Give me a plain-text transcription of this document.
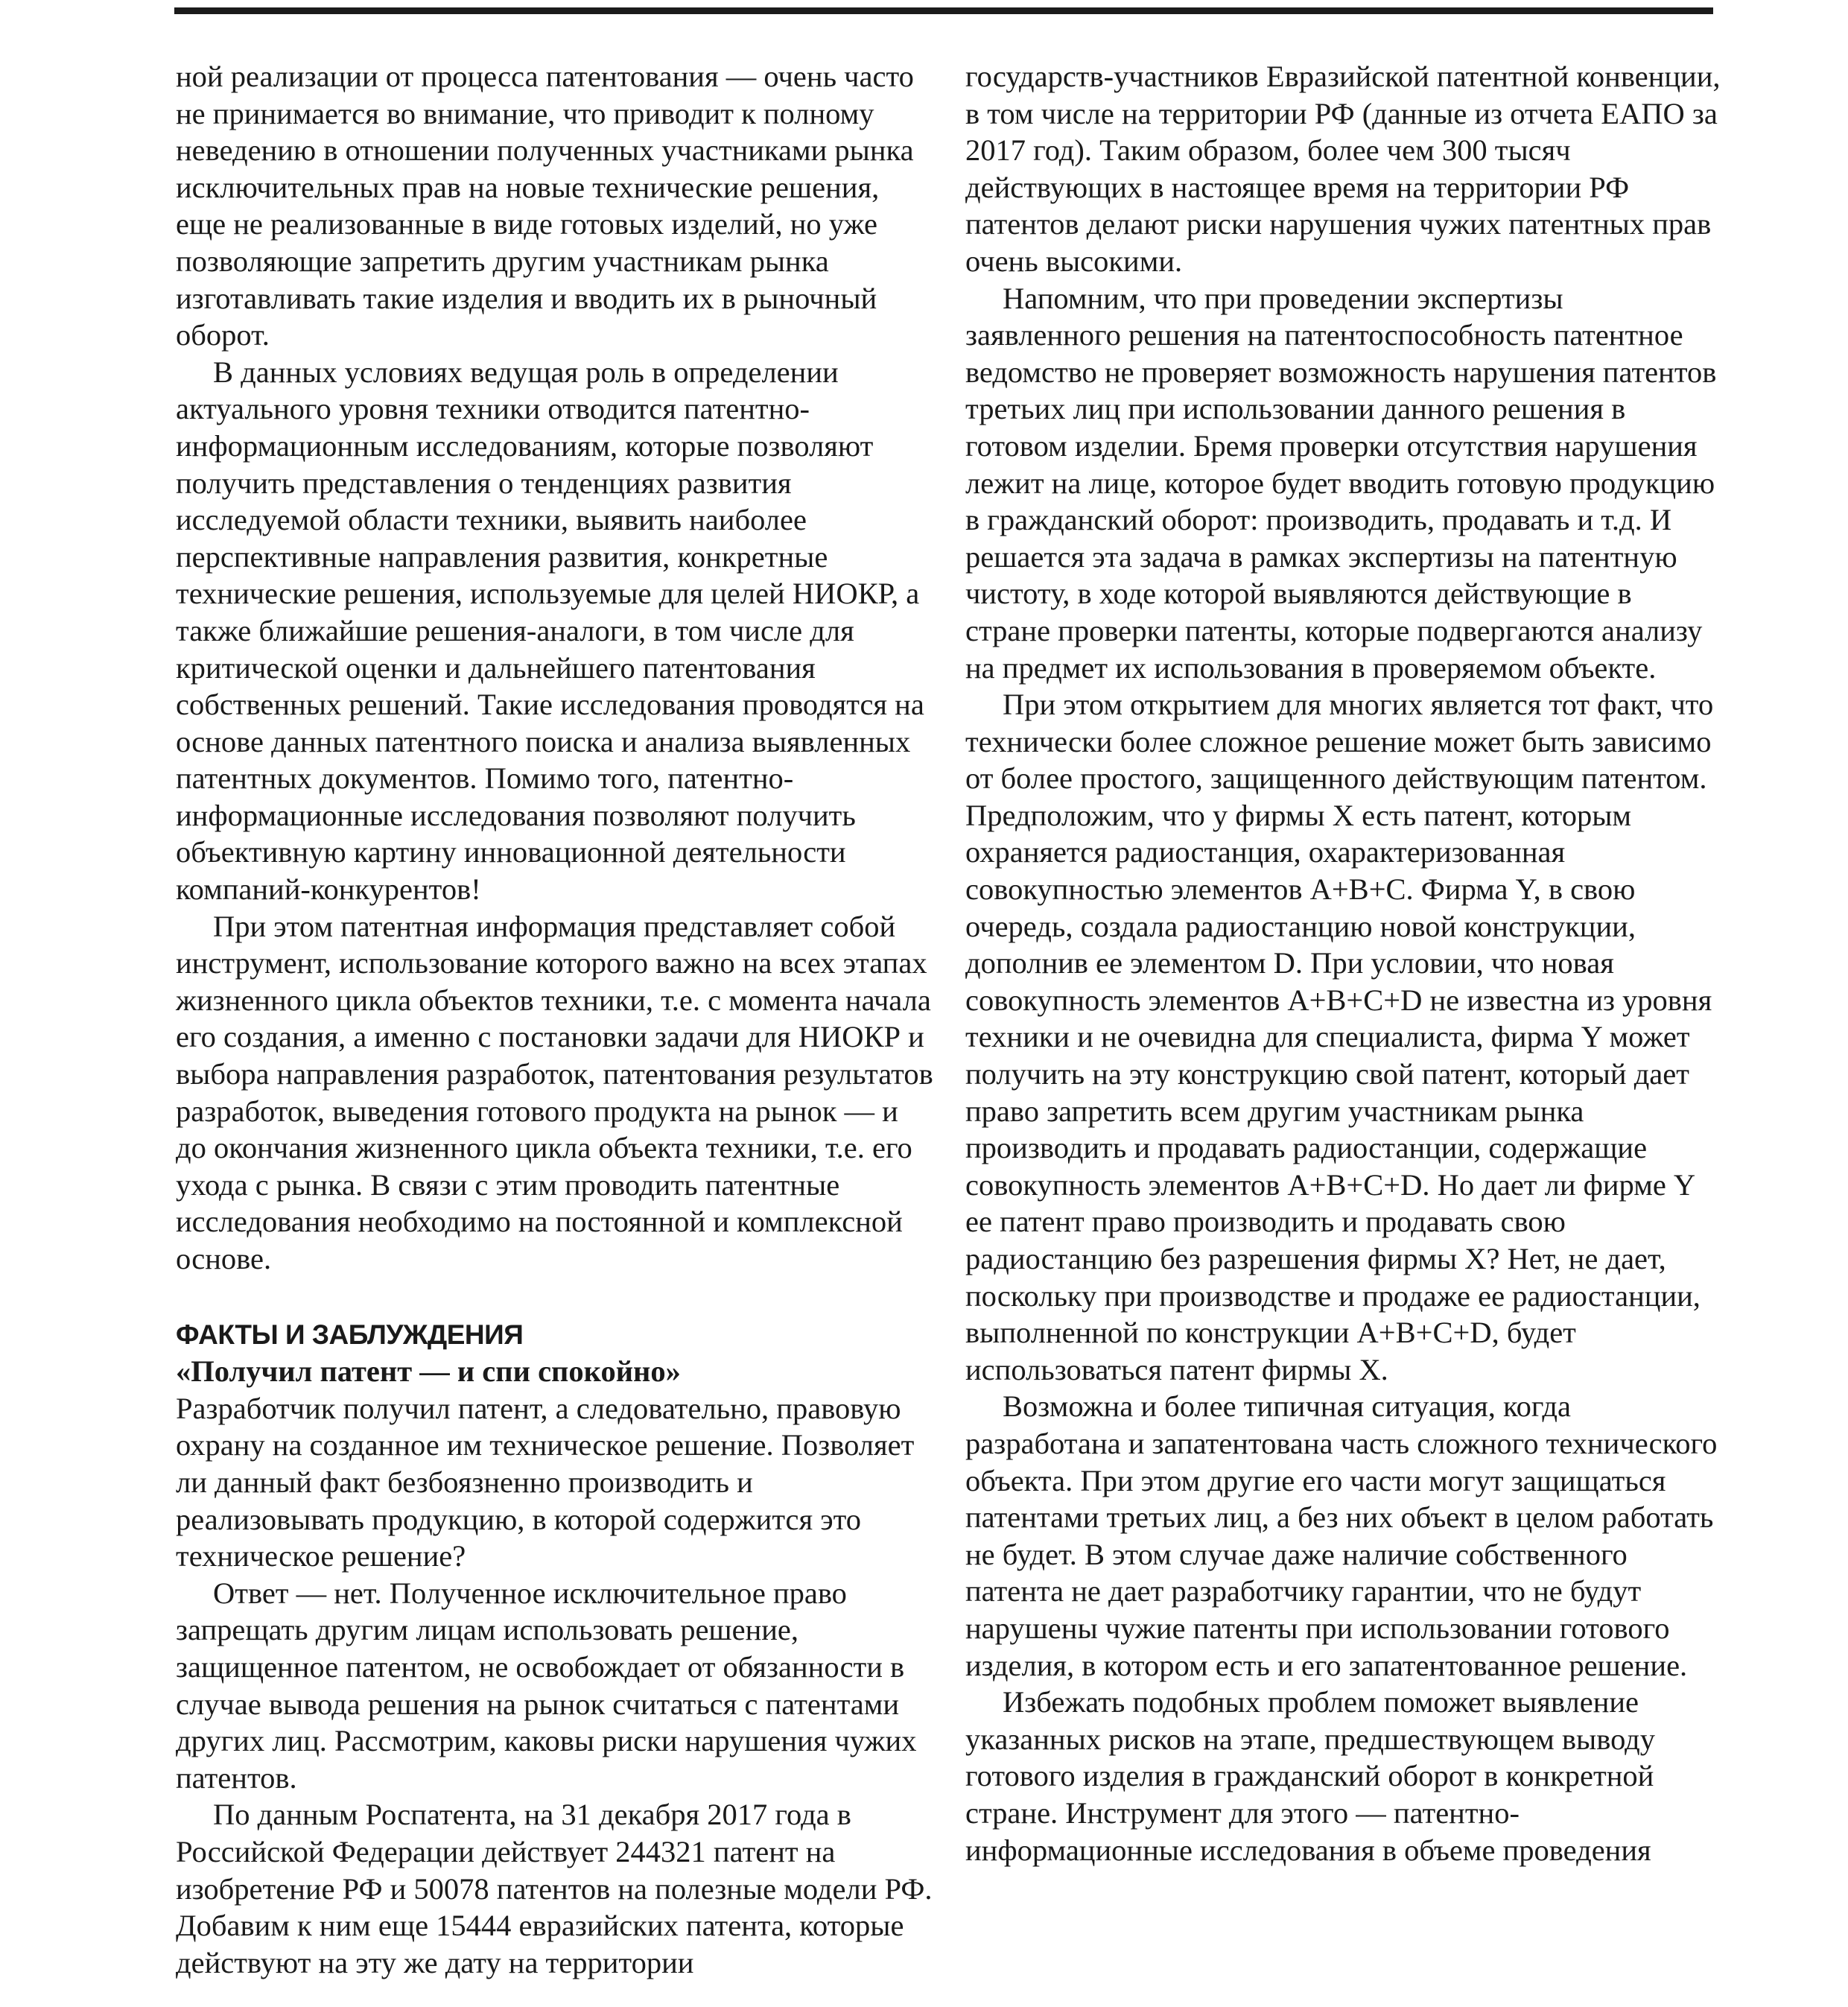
ной реализации от процесса патентования — очень часто не принимается во внимание, что приводит к полному неведению в отношении полученных участниками рынка исключительных прав на новые технические решения, еще не реализованные в виде готовых изделий, но уже позволяющие запретить другим участникам рынка изготавливать такие изделия и вводить их в рыночный оборот.

В данных условиях ведущая роль в определении актуального уровня техники отводится патентно-информационным исследованиям, которые позволяют получить представления о тенденциях развития исследуемой области техники, выявить наиболее перспективные направления развития, конкретные технические решения, используемые для целей НИОКР, а также ближайшие решения-аналоги, в том числе для критической оценки и дальнейшего патентования собственных решений. Такие исследования проводятся на основе данных патентного поиска и анализа выявленных патентных документов. Помимо того, патентно-информационные исследования позволяют получить объективную картину инновационной деятельности компаний-конкурентов!

При этом патентная информация представляет собой инструмент, использование которого важно на всех этапах жизненного цикла объектов техники, т.е. с момента начала его создания, а именно с постановки задачи для НИОКР и выбора направления разработок, патентования результатов разработок, выведения готового продукта на рынок — и до окончания жизненного цикла объекта техники, т.е. его ухода с рынка. В связи с этим проводить патентные исследования необходимо на постоянной и комплексной основе.

ФАКТЫ И ЗАБЛУЖДЕНИЯ

«Получил патент — и спи спокойно»

Разработчик получил патент, а следовательно, правовую охрану на созданное им техническое решение. Позволяет ли данный факт безбоязненно производить и реализовывать продукцию, в которой содержится это техническое решение?

Ответ — нет. Полученное исключительное право запрещать другим лицам использовать решение, защищенное патентом, не освобождает от обязанности в случае вывода решения на рынок считаться с патентами других лиц. Рассмотрим, каковы риски нарушения чужих патентов.

По данным Роспатента, на 31 декабря 2017 года в Российской Федерации действует 244321 патент на изобретение РФ и 50078 патентов на полезные модели РФ. Добавим к ним еще 15444 евразийских патента, которые действуют на эту же дату на территории

государств-участников Евразийской патентной конвенции, в том числе на территории РФ (данные из отчета ЕАПО за 2017 год). Таким образом, более чем 300 тысяч действующих в настоящее время на территории РФ патентов делают риски нарушения чужих патентных прав очень высокими.

Напомним, что при проведении экспертизы заявленного решения на патентоспособность патентное ведомство не проверяет возможность нарушения патентов третьих лиц при использовании данного решения в готовом изделии. Бремя проверки отсутствия нарушения лежит на лице, которое будет вводить готовую продукцию в гражданский оборот: производить, продавать и т.д. И решается эта задача в рамках экспертизы на патентную чистоту, в ходе которой выявляются действующие в стране проверки патенты, которые подвергаются анализу на предмет их использования в проверяемом объекте.

При этом открытием для многих является тот факт, что технически более сложное решение может быть зависимо от более простого, защищенного действующим патентом. Предположим, что у фирмы X есть патент, которым охраняется радиостанция, охарактеризованная совокупностью элементов A+B+C. Фирма Y, в свою очередь, создала радиостанцию новой конструкции, дополнив ее элементом D. При условии, что новая совокупность элементов A+B+C+D не известна из уровня техники и не очевидна для специалиста, фирма Y может получить на эту конструкцию свой патент, который дает право запретить всем другим участникам рынка производить и продавать радиостанции, содержащие совокупность элементов A+B+C+D. Но дает ли фирме Y ее патент право производить и продавать свою радиостанцию без разрешения фирмы X? Нет, не дает, поскольку при производстве и продаже ее радиостанции, выполненной по конструкции A+B+C+D, будет использоваться патент фирмы X.

Возможна и более типичная ситуация, когда разработана и запатентована часть сложного технического объекта. При этом другие его части могут защищаться патентами третьих лиц, а без них объект в целом работать не будет. В этом случае даже наличие собственного патента не дает разработчику гарантии, что не будут нарушены чужие патенты при использовании готового изделия, в котором есть и его запатентованное решение.

Избежать подобных проблем поможет выявление указанных рисков на этапе, предшествующем выводу готового изделия в гражданский оборот в конкретной стране. Инструмент для этого — патентно-информационные исследования в объеме проведения
